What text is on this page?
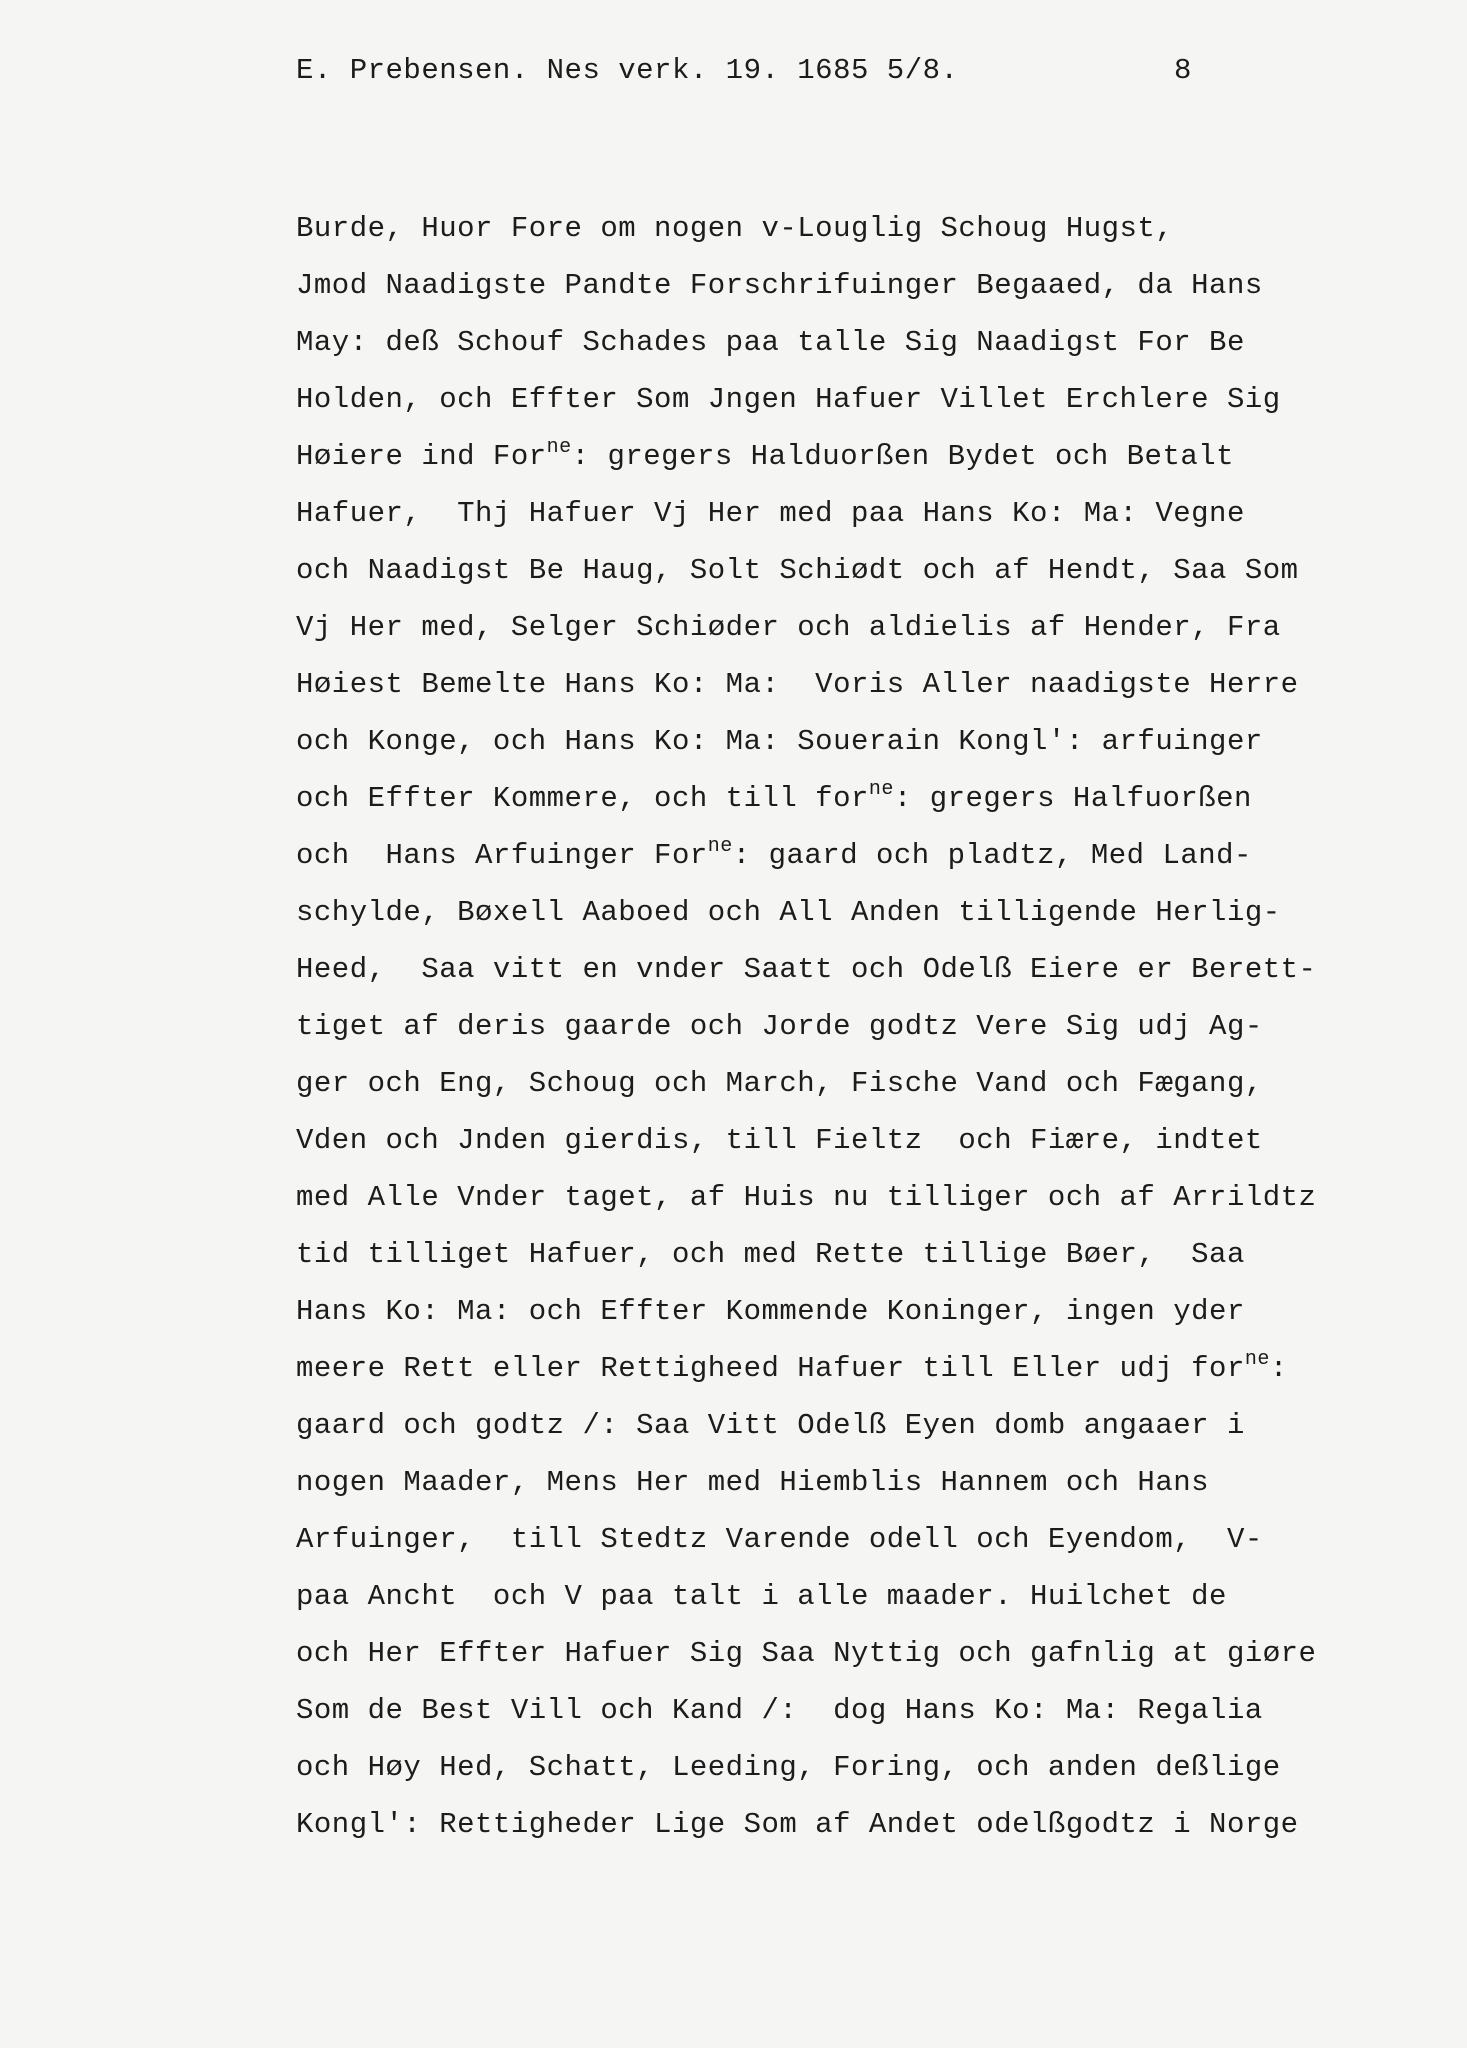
E. Prebensen. Nes verk. 19. 1685 5/8.	8
Burde, Huor Fore om nogen v-Louglig Schoug Hugst,
Jmod Naadigste Pandte Forschrifuinger Begaaed, da Hans
May: deß Schouf Schades paa talle Sig Naadigst For Be
Holden, och Effter Som Jngen Hafuer Villet Erchlere Sig
Høiere ind For$^{ne}$: gregers Halduorßen Bydet och Betalt
Hafuer,  Thj Hafuer Vj Her med paa Hans Ko: Ma: Vegne
och Naadigst Be Haug, Solt Schiødt och af Hendt, Saa Som
Vj Her med, Selger Schiøder och aldielis af Hender, Fra
Høiest Bemelte Hans Ko: Ma:  Voris Aller naadigste Herre
och Konge, och Hans Ko: Ma: Souerain Kongl': arfuinger
och Effter Kommere, och till for$^{ne}$: gregers Halfuorßen
och  Hans Arfuinger For$^{ne}$: gaard och pladtz, Med Land-
schylde, Bøxell Aaboed och All Anden tilligende Herlig-
Heed,  Saa vitt en vnder Saatt och Odelß Eiere er Berett-
tiget af deris gaarde och Jorde godtz Vere Sig udj Ag-
ger och Eng, Schoug och March, Fische Vand och Fægang,
Vden och Jnden gierdis, till Fieltz  och Fiære, indtet
med Alle Vnder taget, af Huis nu tilliger och af Arrildtz
tid tilliget Hafuer, och med Rette tillige Bøer,  Saa
Hans Ko: Ma: och Effter Kommende Koninger, ingen yder
meere Rett eller Rettigheed Hafuer till Eller udj for$^{ne}$:
gaard och godtz /: Saa Vitt Odelß Eyen domb angaaer i
nogen Maader, Mens Her med Hiemblis Hannem och Hans
Arfuinger,  till Stedtz Varende odell och Eyendom,  V-
paa Ancht  och V paa talt i alle maader. Huilchet de
och Her Effter Hafuer Sig Saa Nyttig och gafnlig at giøre
Som de Best Vill och Kand /:  dog Hans Ko: Ma: Regalia
och Høy Hed, Schatt, Leeding, Foring, och anden deßlige
Kongl': Rettigheder Lige Som af Andet odelßgodtz i Norge
